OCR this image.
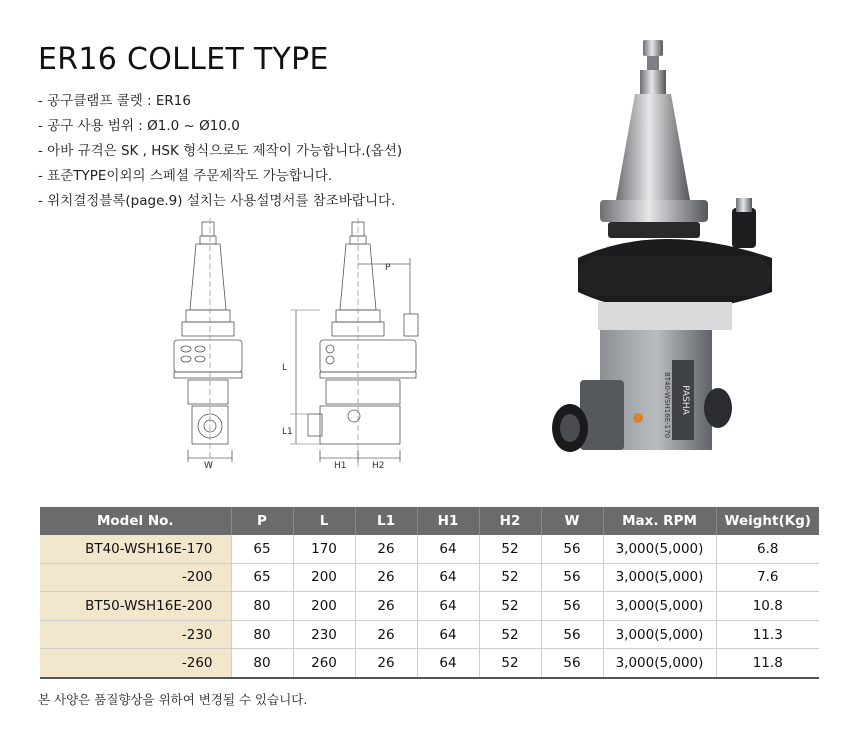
ER16 COLLET TYPE
- 공구클램프 콜렛 : ER16
- 공구 사용 범위 : Ø1.0 ~ Ø10.0
- 아바 규격은 SK , HSK 형식으로도 제작이 가능합니다.(옵션)
- 표준TYPE이외의 스페셜 주문제작도 가능합니다.
- 위치결정블록(page.9) 설치는 사용설명서를 참조바랍니다.
W
P
L
L1
H1	H2
PASHA
BT40-WSH16E-170
Model No.	P	L	L1	H1	H2	W	Max. RPM	Weight(Kg)
BT40-WSH16E-170	65	170	26	64	52	56	3,000(5,000)	6.8
-200	65	200	26	64	52	56	3,000(5,000)	7.6
BT50-WSH16E-200	80	200	26	64	52	56	3,000(5,000)	10.8
-230	80	230	26	64	52	56	3,000(5,000)	11.3
-260	80	260	26	64	52	56	3,000(5,000)	11.8
본 사양은 품질향상을 위하여 변경될 수 있습니다.
